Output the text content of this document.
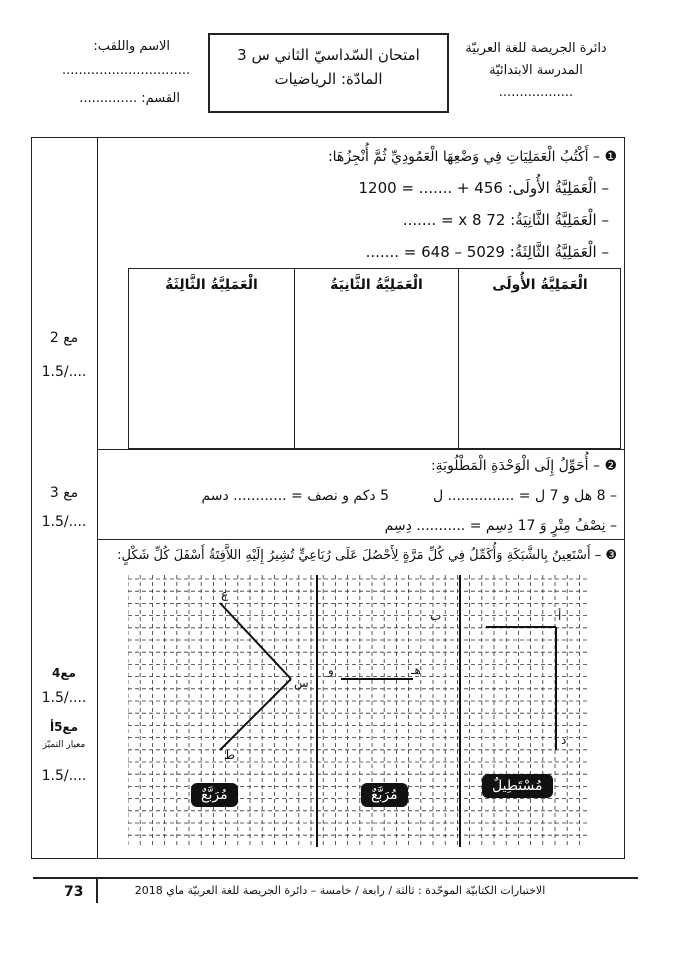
دائرة الجريصة للغة العربيّة
المدرسة الابتدائيّة
..................
الاسم واللقب:
...............................
القسم: ..............
امتحان السّداسيّ الثاني س 3
المادّة: الرياضيات
❶ – أَكْتُبُ الْعَمَلِيَاتِ فِي وَضْعِهَا الْعَمُودِيِّ ثُمَّ أُنْجِزُهَا:
– الْعَمَلِيَّةُ الأُولَى: 456 + ....... = 1200
– الْعَمَلِيَّةُ الثَّانِيَةُ: 72 x 8 = .......
– الْعَمَلِيَّةُ الثَّالِثَةُ: 5029 – 648 = .......
الْعَمَلِيَّةُ الأُولَى
الْعَمَلِيَّةُ الثَّانِيَةُ
الْعَمَلِيَّةُ الثَّالِثَةُ
مع 2
1.5/....
❷ – أُحَوِّلُ إِلَى الْوَحْدَةِ الْمَطْلُوبَةِ:
– 8 هل و 7 ل = ............... ل
5 دكم و نصف = ............ دسم
– نِصْفُ مِتْرٍ وَ 17 دِسِم = ........... دِسِم
مع 3
1.5/....
❸ – أَسْتَعِينُ بِالشَّبَكَةِ وَأُكَمِّلُ فِي كُلِّ مَرَّةٍ لِأَحْصُلَ عَلَى رُبَاعِيٍّ تُشِيرُ إِلَيْهِ اللاَّفِتَةُ أَسْفَلَ كُلِّ شَكْلٍ:
ب	أ
د
هـ
و
س
ع
ط
مُسْتَطِيلٌ
مُرَبَّعٌ
مُرَبَّعٌ
مع4
1.5/....
مع5أ
معيار التميّز
1.5/....
73	الاختبارات الكتابيّة الموحّدة : ثالثة / رابعة / خامسة – دائرة الجريصة للغة العربيّة ماي 2018
